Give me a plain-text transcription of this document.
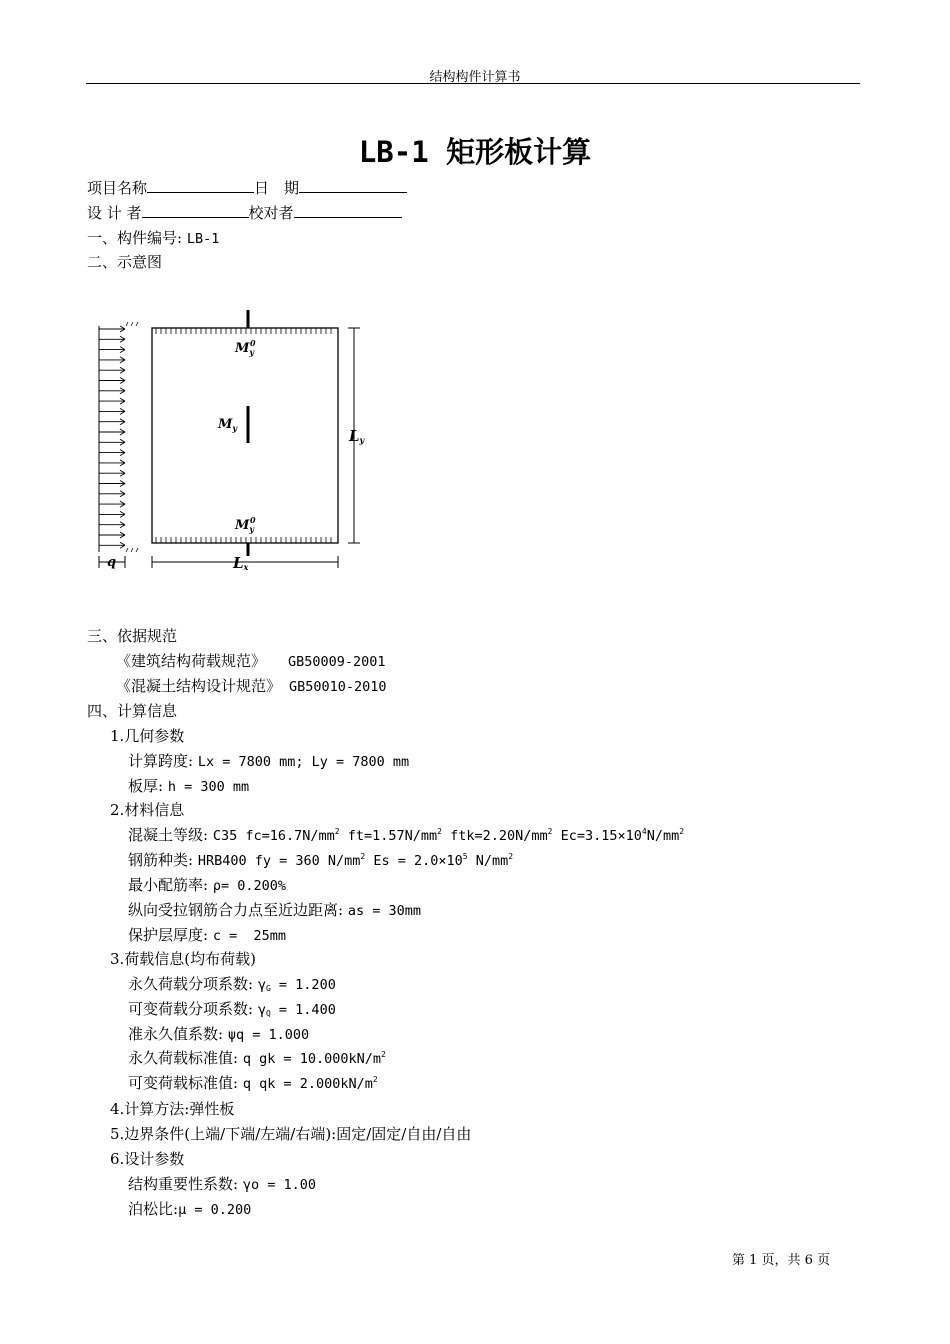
结构构件计算书
LB-1 矩形板计算
项目名称	日　期
设 计 者	校对者
一、构件编号: LB-1
二、示意图
$M_y0$
$M_y$
$M_y0$
Ly
Lx
q
三、依据规范
《建筑结构荷载规范》 GB50009-2001
《混凝土结构设计规范》 GB50010-2010
四、计算信息
1.几何参数
计算跨度: Lx = 7800 mm; Ly = 7800 mm
板厚: h = 300 mm
2.材料信息
混凝土等级: C35 $fc=16.7N/mm^2$ $ft=1.57N/mm^2$ $ftk=2.20N/mm^2$ $Ec=3.15\times 10^4N/mm^2$
钢筋种类: HRB400 fy = 360 $N/mm^2$ $Es = 2.0\times 10^5$ $N/mm^2$
最小配筋率: ρ= 0.200%
纵向受拉钢筋合力点至近边距离: as = 30mm
保护层厚度: c =  25mm
3.荷载信息(均布荷载)
永久荷载分项系数: $\gamma_G = 1.200$
可变荷载分项系数: $\gamma_Q = 1.400$
准永久值系数: ψq = 1.000
永久荷载标准值: q gk = $10.000kN/m^2$
可变荷载标准值: q qk = $2.000kN/m^2$
4.计算方法:弹性板
5.边界条件(上端/下端/左端/右端):固定/固定/自由/自由
6.设计参数
结构重要性系数: γo = 1.00
泊松比:μ = 0.200
第 1 页，共 6 页
